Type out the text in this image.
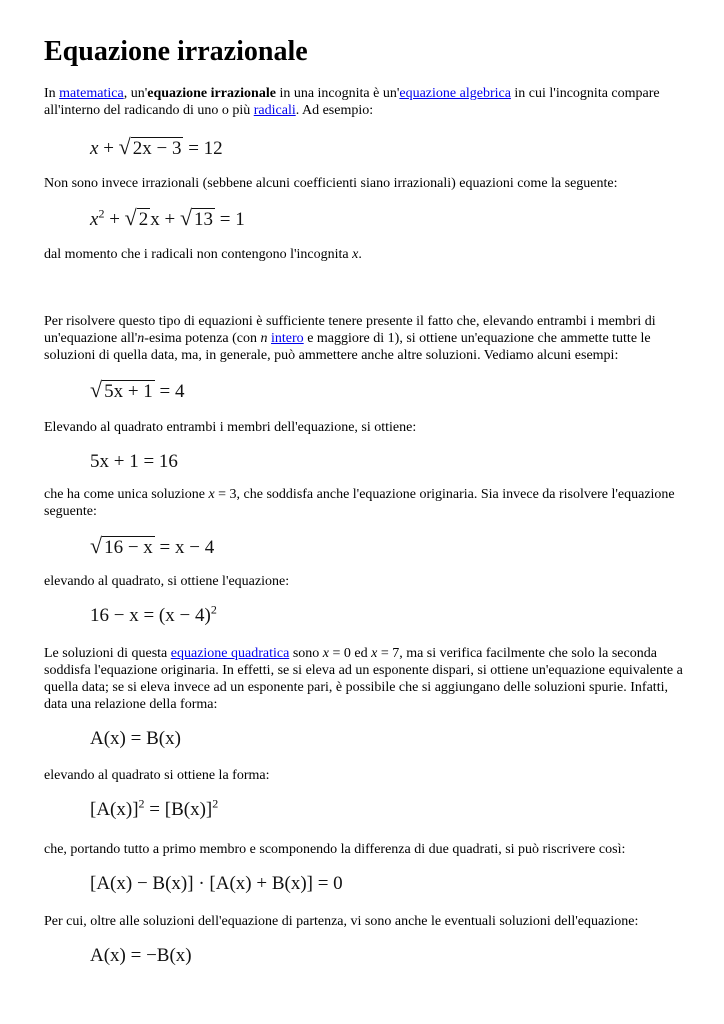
Equazione irrazionale

In matematica, un'equazione irrazionale in una incognita è un'equazione algebrica in cui l'incognita compare all'interno del radicando di uno o più radicali. Ad esempio:

x + √ 2x − 3 = 12

Non sono invece irrazionali (sebbene alcuni coefficienti siano irrazionali) equazioni come la seguente:

$x^2$ + √ 2 x + √ 13 = 1

dal momento che i radicali non contengono l'incognita x.

Per risolvere questo tipo di equazioni è sufficiente tenere presente il fatto che, elevando entrambi i membri di un'equazione all'n-esima potenza (con n intero e maggiore di 1), si ottiene un'equazione che ammette tutte le soluzioni di quella data, ma, in generale, può ammettere anche altre soluzioni. Vediamo alcuni esempi:

√ 5x + 1 = 4

Elevando al quadrato entrambi i membri dell'equazione, si ottiene:

5x + 1 = 16

che ha come unica soluzione x = 3, che soddisfa anche l'equazione originaria. Sia invece da risolvere l'equazione seguente:

√ 16 − x = x − 4

elevando al quadrato, si ottiene l'equazione:

$16 - x = (x - 4)^2$

Le soluzioni di questa equazione quadratica sono x = 0 ed x = 7, ma si verifica facilmente che solo la seconda soddisfa l'equazione originaria. In effetti, se si eleva ad un esponente dispari, si ottiene un'equazione equivalente a quella data; se si eleva invece ad un esponente pari, è possibile che si aggiungano delle soluzioni spurie. Infatti, data una relazione della forma:

A(x) = B(x)

elevando al quadrato si ottiene la forma:

$[A(x)]^2 = [B(x)]^2$

che, portando tutto a primo membro e scomponendo la differenza di due quadrati, si può riscrivere così:

[A(x) − B(x)] · [A(x) + B(x)] = 0

Per cui, oltre alle soluzioni dell'equazione di partenza, vi sono anche le eventuali soluzioni dell'equazione:

A(x) = −B(x)
